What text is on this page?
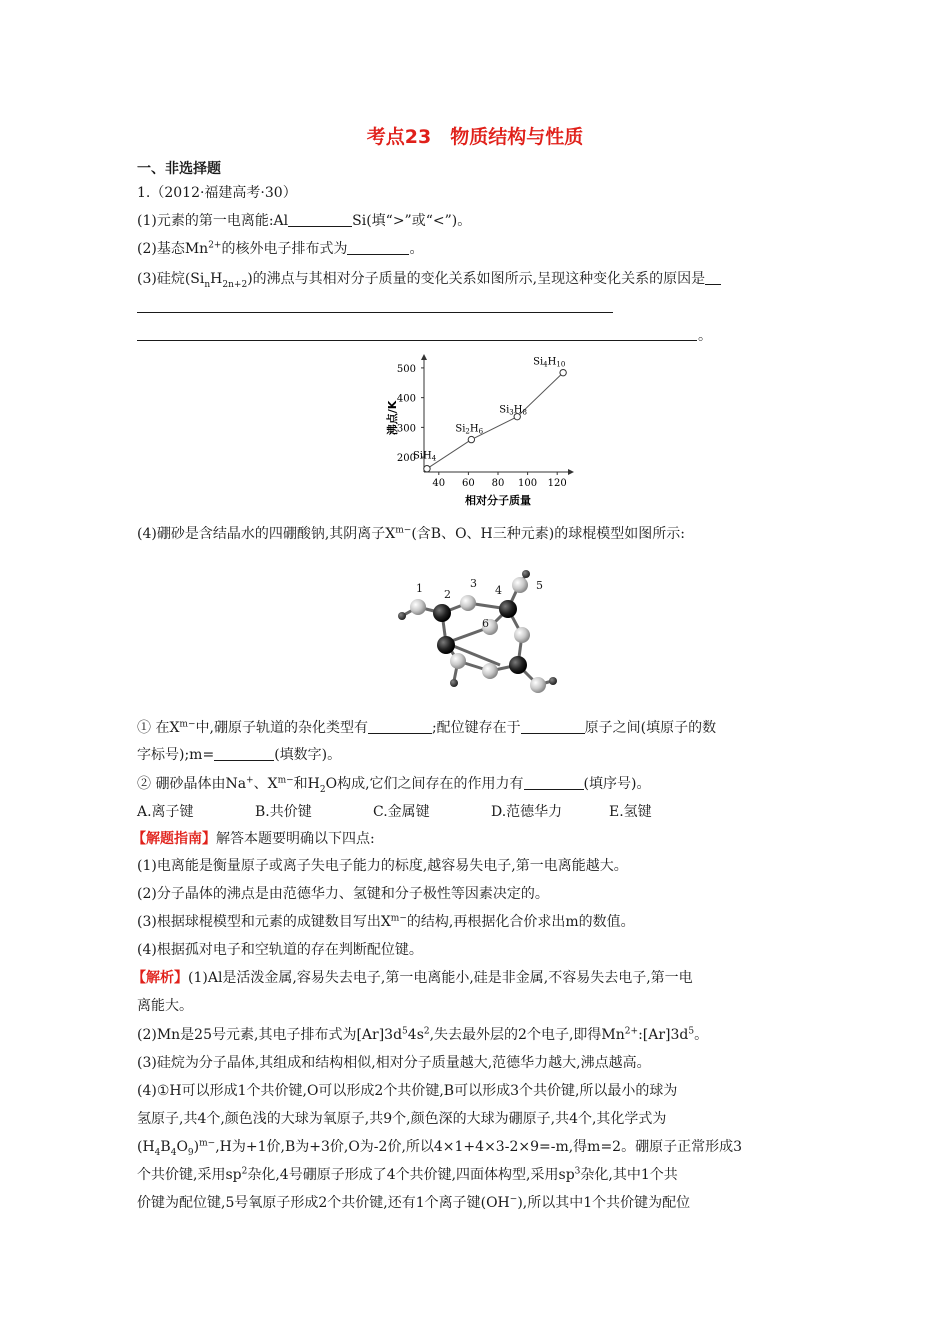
考点23　物质结构与性质
一、非选择题
1.（2012·福建高考·30）
(1)元素的第一电离能:Al	Si(填“>”或“<”)。
(2)基态$Mn^{2+}$的核外电子排布式为	。
(3)硅烷$(Si_nH_{2n+2})$的沸点与其相对分子质量的变化关系如图所示,呈现这种变化关系的原因是
。
200
300
400
500
40 60 80 100 120
SiH$_4$
$Si_2H_6$
$Si_3H_8$
$Si_4H_{10}$
沸点/K
相对分子质量
(4)硼砂是含结晶水的四硼酸钠,其阴离子$X^{m-}$(含B、O、H三种元素)的球棍模型如图所示:
1 2
3
4	5
6
① 在$X^{m-}$中,硼原子轨道的杂化类型有	;配位键存在于	原子之间(填原子的数
字标号);m=	(填数字)。
② 硼砂晶体由Na+、$X^{m-}$和$H_2O$构成,它们之间存在的作用力有	(填序号)。
A.离子键	B.共价键	C.金属键	D.范德华力	E.氢键
【解题指南】解答本题要明确以下四点:
(1)电离能是衡量原子或离子失电子能力的标度,越容易失电子,第一电离能越大。
(2)分子晶体的沸点是由范德华力、氢键和分子极性等因素决定的。
(3)根据球棍模型和元素的成键数目写出$X^{m-}$的结构,再根据化合价求出m的数值。
(4)根据孤对电子和空轨道的存在判断配位键。
【解析】(1)Al是活泼金属,容易失去电子,第一电离能小,硅是非金属,不容易失去电子,第一电
离能大。
(2)Mn是25号元素,其电子排布式为$[Ar]3d^54s^2$,失去最外层的2个电子,即得$Mn^{2+}:[Ar]3d^5$。
(3)硅烷为分子晶体,其组成和结构相似,相对分子质量越大,范德华力越大,沸点越高。
(4)①H可以形成1个共价键,O可以形成2个共价键,B可以形成3个共价键,所以最小的球为
氢原子,共4个,颜色浅的大球为氧原子,共9个,颜色深的大球为硼原子,共4个,其化学式为
$(H_4B_4O_9)^{m-},H$为+1价,B为+3价,O为-2价,所以4×1+4×3-2×9=-m,得m=2。硼原子正常形成3
个共价键,采用$sp^2$杂化,4号硼原子形成了4个共价键,四面体构型,采用$sp^3$杂化,其中1个共
价键为配位键,5号氧原子形成2个共价键,还有1个离子键(OH−),所以其中1个共价键为配位
